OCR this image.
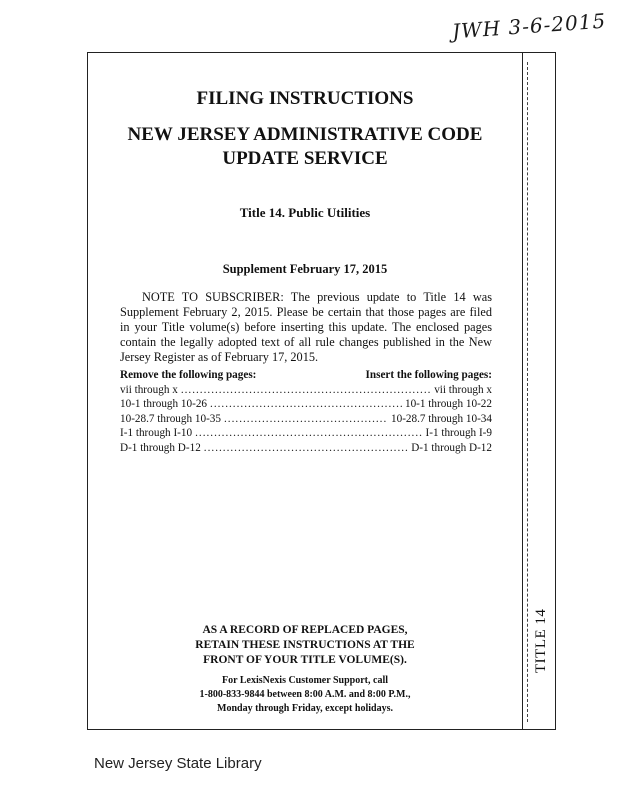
JWH 3-6-2015
TITLE 14
FILING INSTRUCTIONS
NEW JERSEY ADMINISTRATIVE CODE
UPDATE SERVICE
Title 14. Public Utilities
Supplement February 17, 2015
NOTE TO SUBSCRIBER: The previous update to Title 14 was Supplement February 2, 2015. Please be certain that those pages are filed in your Title volume(s) before inserting this update. The enclosed pages contain the legally adopted text of all rule changes published in the New Jersey Register as of February 17, 2015.
Remove the following pages:	Insert the following pages:
vii through x .....	vii through x
10-1 through 10-26 .....	10-1 through 10-22
10-28.7 through 10-35 .....	10-28.7 through 10-34
I-1 through I-10 .....	I-1 through I-9
D-1 through D-12 .....	D-1 through D-12
AS A RECORD OF REPLACED PAGES,
RETAIN THESE INSTRUCTIONS AT THE
FRONT OF YOUR TITLE VOLUME(S).
For LexisNexis Customer Support, call
1-800-833-9844 between 8:00 A.M. and 8:00 P.M.,
Monday through Friday, except holidays.
New Jersey State Library
